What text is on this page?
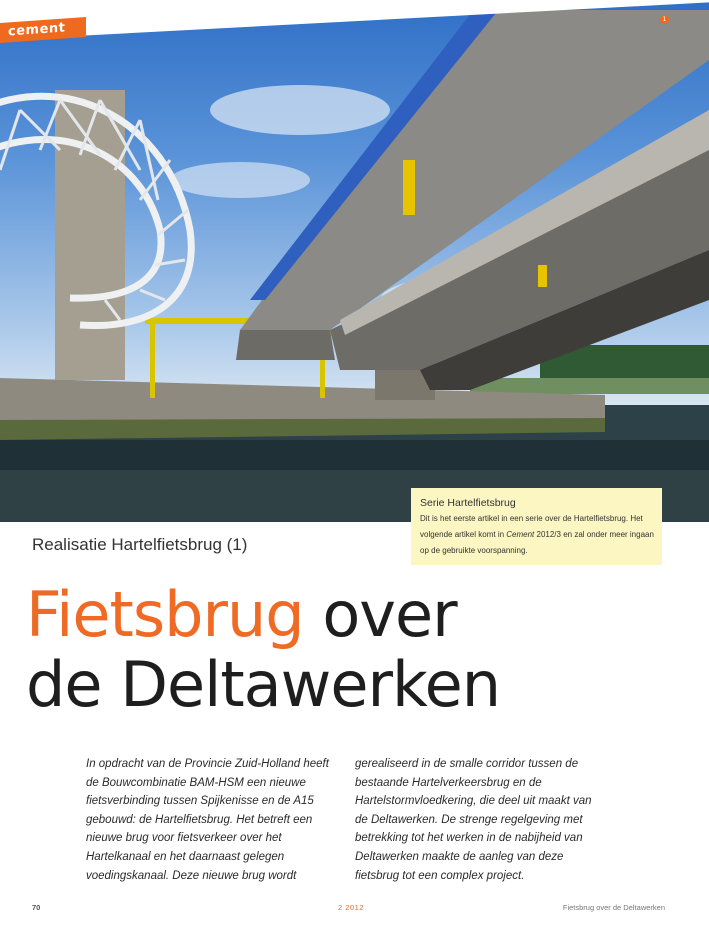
cement
1
Serie Hartelfietsbrug
Dit is het eerste artikel in een serie over de Hartelfietsbrug. Het volgende artikel komt in Cement 2012/3 en zal onder meer ingaan op de gebruikte voorspanning.
Realisatie Hartelfietsbrug (1)
Fietsbrug over
de Deltawerken
In opdracht van de Provincie Zuid-Holland heeft de Bouwcombinatie BAM-HSM een nieuwe fietsverbinding tussen Spijkenisse en de A15 gebouwd: de Hartelfietsbrug. Het betreft een nieuwe brug voor fietsverkeer over het Hartelkanaal en het daarnaast gelegen voedingskanaal. Deze nieuwe brug wordt
gerealiseerd in de smalle corridor tussen de bestaande Hartelverkeersbrug en de Hartelstormvloedkering, die deel uit maakt van de Deltawerken. De strenge regelgeving met betrekking tot het werken in de nabijheid van Deltawerken maakte de aanleg van deze fietsbrug tot een complex project.
70	2 2012	Fietsbrug over de Deltawerken
